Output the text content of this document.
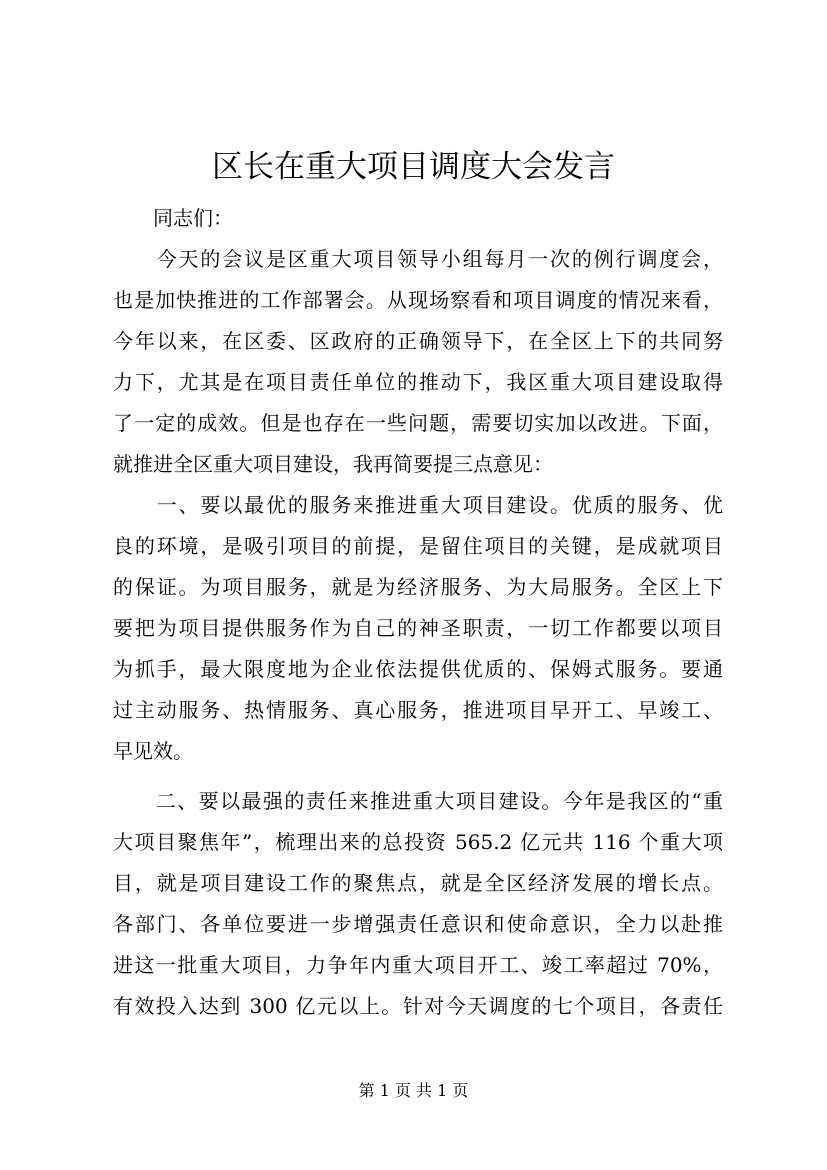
区长在重大项目调度大会发言
同志们：
　　今天的会议是区重大项目领导小组每月一次的例行调度会，
也是加快推进的工作部署会。从现场察看和项目调度的情况来看，
今年以来，在区委、区政府的正确领导下，在全区上下的共同努
力下，尤其是在项目责任单位的推动下，我区重大项目建设取得
了一定的成效。但是也存在一些问题，需要切实加以改进。下面，
就推进全区重大项目建设，我再简要提三点意见：
　　一、要以最优的服务来推进重大项目建设。优质的服务、优
良的环境，是吸引项目的前提，是留住项目的关键，是成就项目
的保证。为项目服务，就是为经济服务、为大局服务。全区上下
要把为项目提供服务作为自己的神圣职责，一切工作都要以项目
为抓手，最大限度地为企业依法提供优质的、保姆式服务。要通
过主动服务、热情服务、真心服务，推进项目早开工、早竣工、
早见效。
　　二、要以最强的责任来推进重大项目建设。今年是我区的“重
大项目聚焦年”，梳理出来的总投资 565.2 亿元共 116 个重大项
目，就是项目建设工作的聚焦点，就是全区经济发展的增长点。
各部门、各单位要进一步增强责任意识和使命意识，全力以赴推
进这一批重大项目，力争年内重大项目开工、竣工率超过 70%，
有效投入达到 300 亿元以上。针对今天调度的七个项目，各责任
第 1 页 共 1 页
